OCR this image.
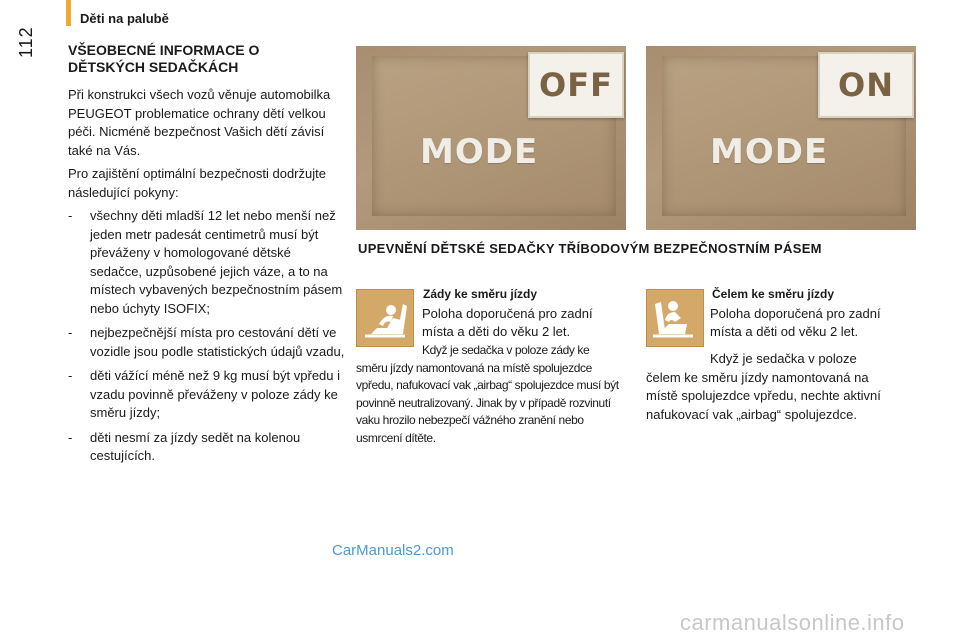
Děti na palubě
112 VŠEOBECNÉ INFORMACE O DĚTSKÝCH SEDAČKÁCH

Při konstrukci všech vozů věnuje automobilka PEUGEOT problematice ochrany dětí velkou péči. Nicméně bezpečnost Vašich dětí závisí také na Vás.

Pro zajištění optimální bezpečnosti dodržujte následující pokyny:

- všechny děti mladší 12 let nebo menší než jeden metr padesát centimetrů musí být převáženy v homologované dětské sedačce, uzpůsobené jejich váze, a to na místech vybavených bezpečnostním pásem nebo úchyty ISOFIX;
- nejbezpečnější místa pro cestování dětí ve vozidle jsou podle statistických údajů vzadu,
- děti vážící méně než 9 kg musí být vpředu i vzadu povinně převáženy v poloze zády ke směru jízdy;
- děti nesmí za jízdy sedět na kolenou cestujících.
OFF
MODE
ON
MODE
UPEVNĚNÍ DĚTSKÉ SEDAČKY TŘÍBODOVÝM BEZPEČNOSTNÍM PÁSEM
Zády ke směru jízdy
Poloha doporučená pro zadní místa a děti do věku 2 let.
Když je sedačka v poloze zády ke
směru jízdy namontovaná na místě spolujezdce vpředu, nafukovací vak „airbag“ spolujezdce musí být povinně neutralizovaný. Jinak by v případě rozvinutí vaku hrozilo nebezpečí vážného zranění nebo usmrcení dítěte.
Čelem ke směru jízdy
Poloha doporučená pro zadní místa a děti od věku 2 let.
Když je sedačka v poloze
čelem ke směru jízdy namontovaná na místě spolujezdce vpředu, nechte aktivní nafukovací vak „airbag“ spolujezdce.
CarManuals2.com
carmanualsonline.info
